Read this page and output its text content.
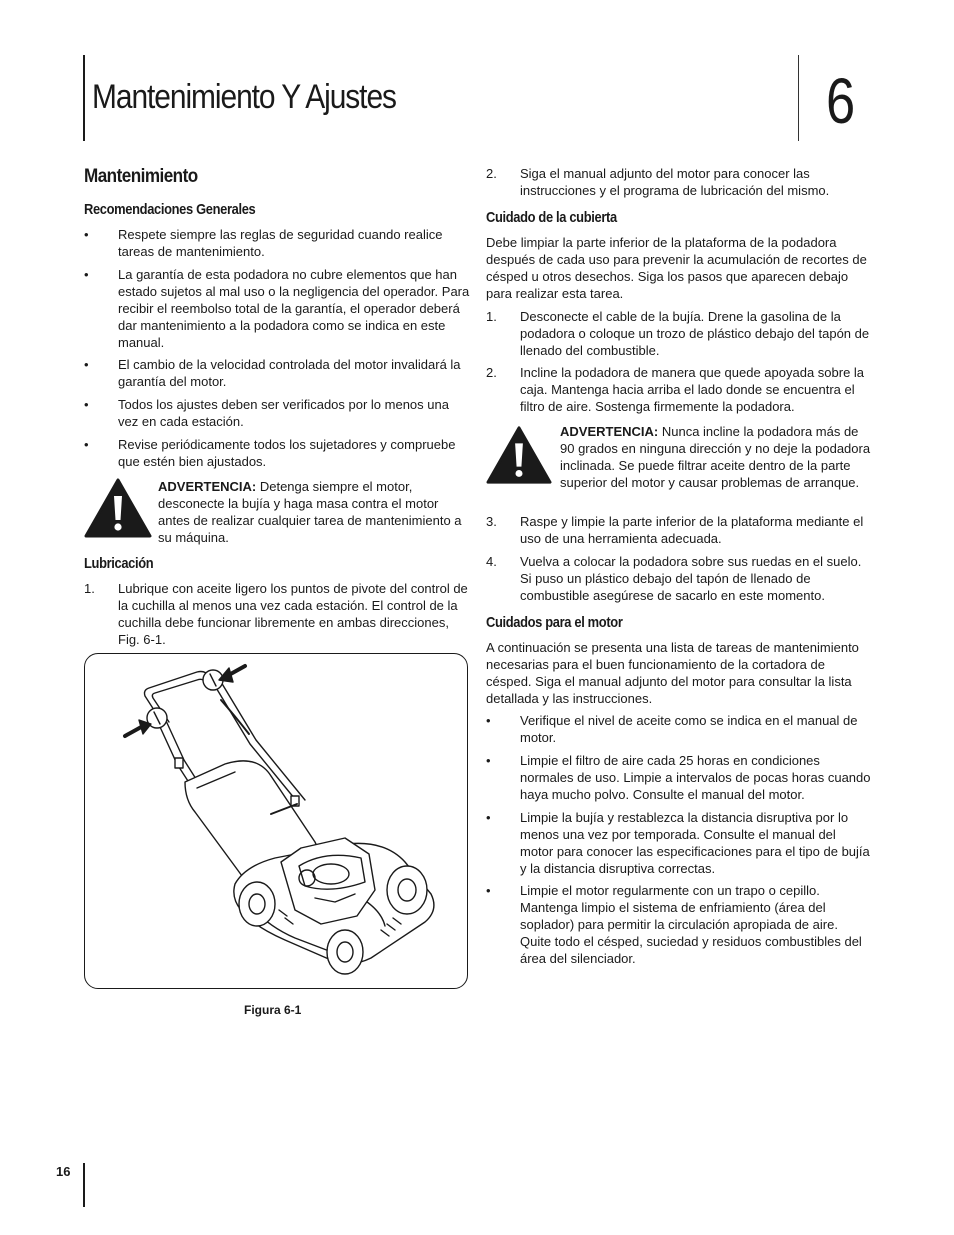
Mantenimiento Y Ajustes	6
Mantenimiento
Recomendaciones Generales
• Respete siempre las reglas de seguridad cuando realice tareas de mantenimiento.
• La garantía de esta podadora no cubre elementos que han estado sujetos al mal uso o la negligencia del operador. Para recibir el reembolso total de la garantía, el operador deberá dar mantenimiento a la podadora como se indica en este manual.
• El cambio de la velocidad controlada del motor invalidará la garantía del motor.
• Todos los ajustes deben ser verificados por lo menos una vez en cada estación.
• Revise periódicamente todos los sujetadores y compruebe que estén bien ajustados.
ADVERTENCIA: Detenga siempre el motor, desconecte la bujía y haga masa contra el motor antes de realizar cualquier tarea de mantenimiento a su máquina.
Lubricación
1. Lubrique con aceite ligero los puntos de pivote del control de la cuchilla al menos una vez cada estación. El control de la cuchilla debe funcionar libremente en ambas direcciones, Fig. 6-1.
Figura 6-1
2. Siga el manual adjunto del motor para conocer las instrucciones y el programa de lubricación del mismo.
Cuidado de la cubierta

Debe limpiar la parte inferior de la plataforma de la podadora después de cada uso para prevenir la acumulación de recortes de césped u otros desechos. Siga los pasos que aparecen debajo para realizar esta tarea.

1. Desconecte el cable de la bujía. Drene la gasolina de la podadora o coloque un trozo de plástico debajo del tapón de llenado del combustible.
2. Incline la podadora de manera que quede apoyada sobre la caja. Mantenga hacia arriba el lado donde se encuentra el filtro de aire. Sostenga firmemente la podadora.
ADVERTENCIA: Nunca incline la podadora más de 90 grados en ninguna dirección y no deje la podadora inclinada. Se puede filtrar aceite dentro de la parte superior del motor y causar problemas de arranque.
3. Raspe y limpie la parte inferior de la plataforma mediante el uso de una herramienta adecuada.
4. Vuelva a colocar la podadora sobre sus ruedas en el suelo. Si puso un plástico debajo del tapón de llenado de combustible asegúrese de sacarlo en este momento.
Cuidados para el motor

A continuación se presenta una lista de tareas de mantenimiento necesarias para el buen funcionamiento de la cortadora de césped. Siga el manual adjunto del motor para consultar la lista detallada y las instrucciones.

• Verifique el nivel de aceite como se indica en el manual de motor.
• Limpie el filtro de aire cada 25 horas en condiciones normales de uso. Limpie a intervalos de pocas horas cuando haya mucho polvo. Consulte el manual del motor.
• Limpie la bujía y restablezca la distancia disruptiva por lo menos una vez por temporada. Consulte el manual del motor para conocer las especificaciones para el tipo de bujía y la distancia disruptiva correctas.
• Limpie el motor regularmente con un trapo o cepillo. Mantenga limpio el sistema de enfriamiento (área del soplador) para permitir la circulación apropiada de aire. Quite todo el césped, suciedad y residuos combustibles del área del silenciador.
16
